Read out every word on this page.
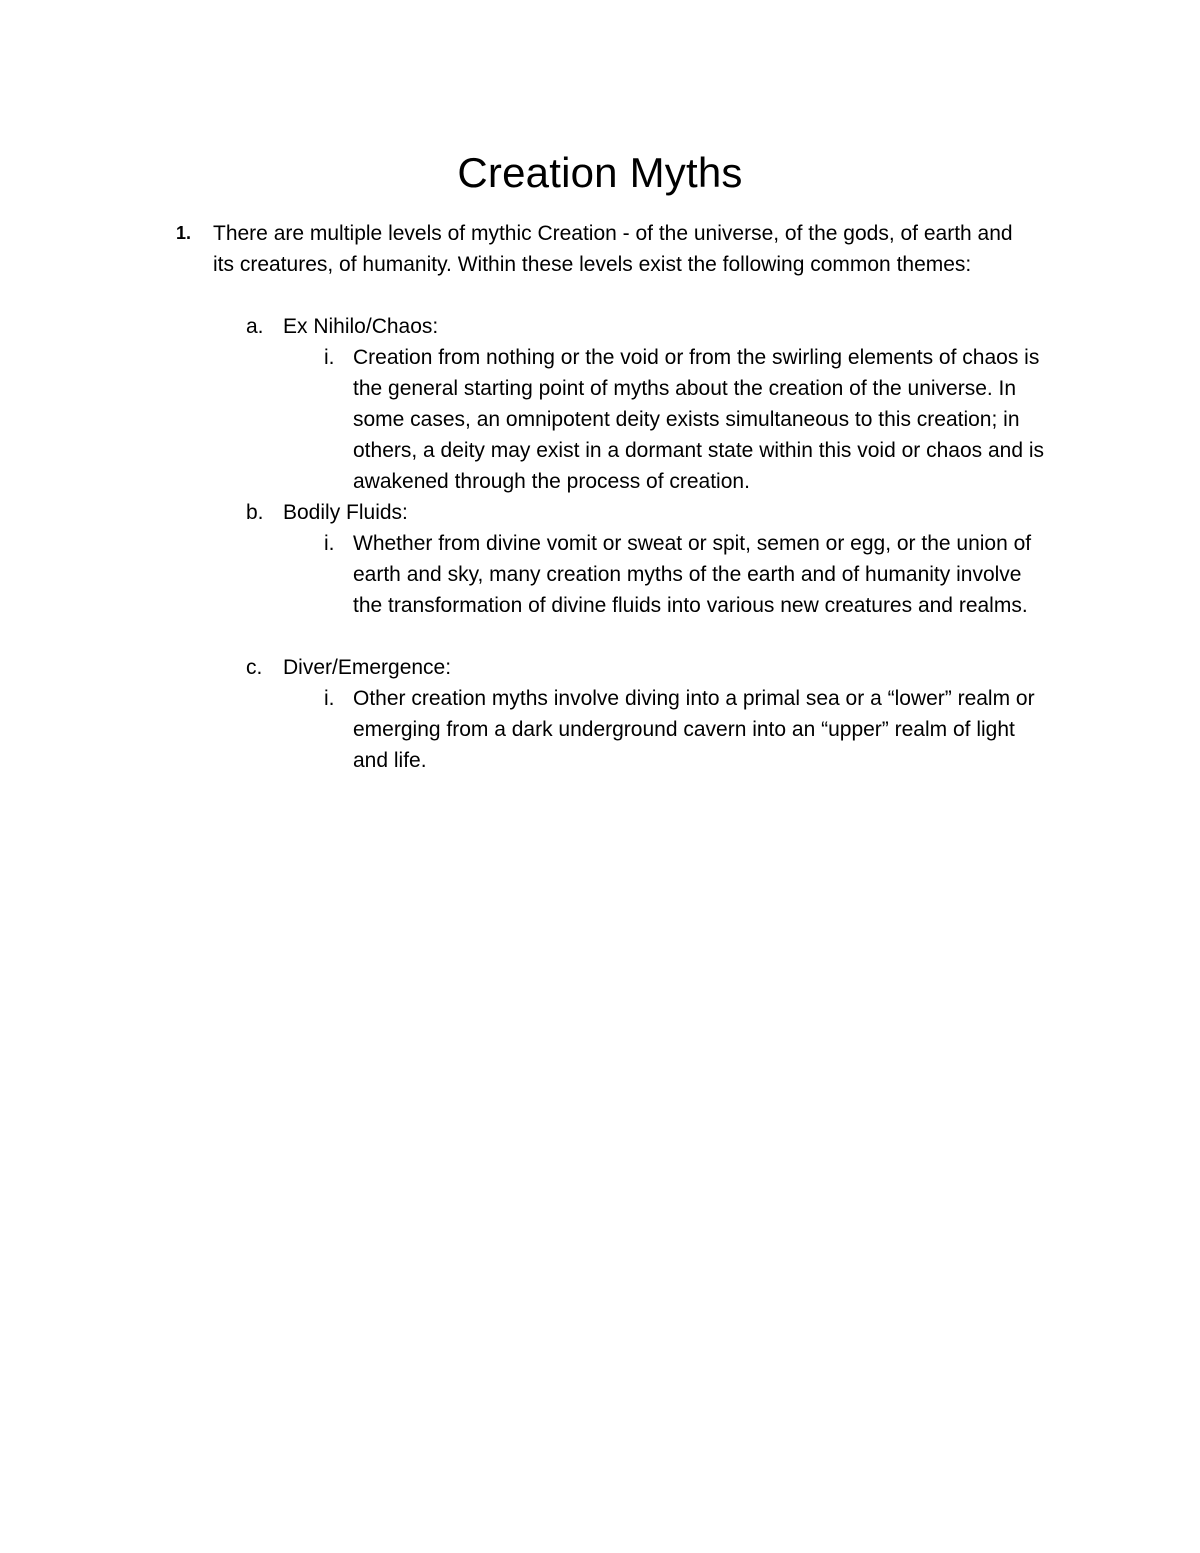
Creation Myths
1. There are multiple levels of mythic Creation - of the universe, of the gods, of earth and its creatures, of humanity. Within these levels exist the following common themes:
a. Ex Nihilo/Chaos:
i. Creation from nothing or the void or from the swirling elements of chaos is the general starting point of myths about the creation of the universe. In some cases, an omnipotent deity exists simultaneous to this creation; in others, a deity may exist in a dormant state within this void or chaos and is awakened through the process of creation.
b. Bodily Fluids:
i. Whether from divine vomit or sweat or spit, semen or egg, or the union of earth and sky, many creation myths of the earth and of humanity involve the transformation of divine fluids into various new creatures and realms.
c. Diver/Emergence:
i. Other creation myths involve diving into a primal sea or a “lower” realm or emerging from a dark underground cavern into an “upper” realm of light and life.
